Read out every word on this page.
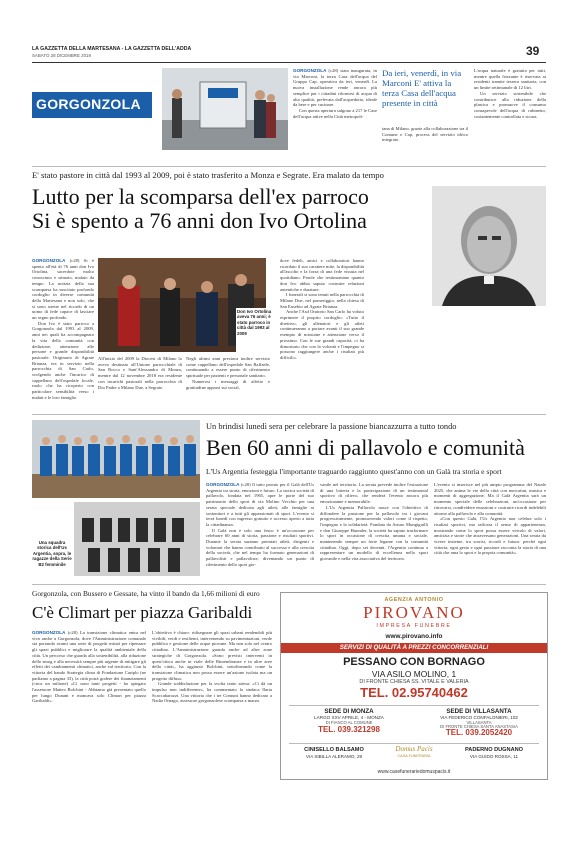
LA GAZZETTA DELLA MARTESANA - LA GAZZETTA DELL'ADDA
SABATO 28 DICEMBRE 2019	39
GORGONZOLA
GORGONZOLA (c28) stata inaugurata, in via Marconi, la terza Casa dell'acqua del Gruppo Cap, operativa da ieri, venerdì. La nuova installazione rende ancora più semplice per i cittadini rifornirsi di acqua di alta qualità, prelevata dall'acquedotto, ideale da bere e per cucinare.
Con questa apertura salgono a 217 le Case dell'acqua attive nella Città metropoli-
Da ieri, venerdì, in via Marconi E' attiva la terza Casa dell'acqua presente in città
tana di Milano, grazie alla collaborazione tra il Comune e Cap, process del servizio idrico integrato.
L'acqua naturale è gratuita per tutti, mentre quella frizzante è riservata ai residenti tramite tessera sanitaria, con un limite settimanale di 12 litri.
Un servizio sostenibile che contribuisce alla riduzione della plastica e promuove il consumo consapevole dell'acqua di rubinetto, costantemente controllata e sicura.
E' stato pastore in città dal 1993 al 2009, poi è stato trasferito a Monza e Segrate. Era malato da tempo
Lutto per la scomparsa dell'ex parroco
Si è spento a 76 anni don Ivo Ortolina
GORGONZOLA (c28) Si è spento all'età di 76 anni don Ivo Ortolina, sacerdote molto conosciuto e stimato, malato da tempo. La notizia della sua scomparsa ha suscitato profondo cordoglio in diverse comunità della Martesana e non solo, che si sono strette nel ricordo di un uomo di fede capace di lasciare un segno profondo.
Don Ivo è stato parroco a Gorgonzola dal 1993 al 2009, anni nei quali ha accompagnato la vita della comunità con dedizione, attenzione alle persone e grande disponibilità pastorale. Originario di Agrate Brianza, era in servizio nella parrocchia di San Carlo, svolgendo anche l'incarico di cappellano dell'ospedale locale, ruolo che ha ricoperto con particolare sensibilità verso i malati e le loro famiglie.
Don Ivo Ortolina aveva 76 anni; è stato parroco in città dal 1993 al 2009
All'inizio del 2009 la Diocesi di Milano lo aveva destinato all'Unione parrocchiale di San Rocco e Sant'Alessandro di Monza, mentre dal 12 novembre 2018 era residente con incarichi pastorali nella parrocchia di Dio Padre a Milano Due, a Segrate.
Negli ultimi anni prestava inoltre servizio come cappellano dell'ospedale San Raffaele, continuando a essere punto di riferimento spirituale per pazienti e personale sanitario.
Numerosi i messaggi di affetto e gratitudine apparsi sui social,
dove fedeli, amici e collaboratori hanno ricordato il suo carattere mite, la disponibilità all'ascolto e la forza di una fede vissuta nel quotidiano. Parole che testimoniano quanto don Ivo abbia saputo costruire relazioni autentiche e durature.
I funerali si sono tenuti nella parrocchia di Milano Due, nel pomeriggio, nella chiesa di San Eusebio ad Agrate Brianza.
Anche l'Asd Oratorio San Carlo ha voluto esprimere il proprio cordoglio: «Tutto il direttivo, gli allenatori e gli atleti continueranno a portare avanti il suo grande esempio di missione e attenzione verso il prossimo. Con le sue grandi capacità, ci ha dimostrato che con la volontà e l'impegno si possono raggiungere anche i risultati più difficili».
Una squadra storica dell'Us Argentia, sopra, le ragazze della Serie B2 femminile
Un brindisi lunedì sera per celebrare la passione biancazzurra a tutto tondo
Ben 60 anni di pallavolo e comunità
L'Us Argentia festeggia l'importante traguardo raggiunto quest'anno con un Galà tra storia e sport
GORGONZOLA (c28) Il tutto pronto per il Galà dell'Us Argentia tra storia, emozioni e futuro. La storica società di pallavolo, fondata nel 1965, apre le porte del suo patrimonio dello sport di via Molino Vecchio per una serata speciale dedicata agli atleti, alle famiglie ai sostenitori e a tutti gli appassionati di sport. L'evento si terrà lunedì con ingresso gratuito e accesso aperto a tutta la cittadinanza.
Il Galà non è solo una festa: è un'occasione per celebrare 60 anni di storia, passione e risultati sportivi. Durante la serata saranno premiati atleti, dirigenti e volontari che hanno contribuito al successo e alla crescita della società, che nel tempo ha formato generazioni di pallavolisti e pallavoliste, diventando un punto di riferimento dello sport gio-
vanile nel territorio. La serata prevede inoltre l'estrazione di una lotteria e la partecipazione di un testimonial sportivo di rilievo, che renderà l'evento ancora più emozionante e memorabile.
L'Us Argentia Pallavolo nasce con l'obiettivo di diffondere la passione per la pallavolo tra i giovani progressivamente, promuovendo valori come il rispetto, l'impegno e la solidarietà. Fondata da Arturo Mungiguilli e don Giuseppe Huonder, la società ha saputo trasformare lo sport in occasione di crescita umana e sociale, mantenendo sempre un forte legame con la comunità cittadina. Oggi, dopo sei decenni, l'Argentia continua a rappresentare un modello di eccellenza nello sport giovanile e nella vita associativa del territorio.
L'evento si inserisce nel più ampio programma del Natale 2025, che anima le vie della città con mercatini, musica e momenti di aggregazione. Ma il Galà Argentia sarà un momento speciale delle celebrazioni, un'occasione per ritrovarsi, condividere emozioni e costruire ricordi indelebili attorno alla pallavolo e alla comunità.
«Con questo Galà, l'Us Argentia non celebra solo i risultati sportivi, ma rafforza il senso di appartenenza, mostrando come lo sport possa essere veicolo di valori, amicizia e storie che attraversano generazioni. Una serata da vivere insieme, tra sorrisi, ricordi e futuro: perché ogni vittoria, ogni gesto e ogni passione racconta la storia di una città che ama lo sport e la propria comunità».
Gorgonzola, con Bussero e Gessate, ha vinto il bando da 1,66 milioni di euro
C'è Climart per piazza Garibaldi
GORGONZOLA (c28) La transizione climatica entra nel vivo anche a Gorgonzola, dove l'Amministrazione comunale sta portando avanti una serie di progetti mirati per ripensare gli spazi pubblici e migliorare la qualità ambientale della città. Un percorso che guarda alla sostenibilità, alla riduzione dello smog e alla necessità sempre più urgente di mitigare gli effetti dei cambiamenti climatici, anche sul territorio. Con la vittoria del bando Strategia clima di Fondazione Cariplo (ne parliamo a pagina 33), la città potrà godere dei finanziamenti (circa un milione) «Ci sono tanti progetti - ha spiegato l'assessore Matteo Bolchini - Abbiamo già presentato quello per lungo Dunant e mancava solo Climart per piazza Garibaldi».
L'obiettivo è chiaro: ridisegnare gli spazi urbani rendendoli più vivibili, verdi e resilienti, intervenendo su pavimentazioni, verde pubblico e gestione delle acque piovane. Ma non solo nel centro cittadino. L'Amministrazione guarda anche ad altre zone strategiche di Gorgonzola. «Sono previsti interventi in quest'ottica anche in viale delle Rimembranze e in altre aree della città», ha aggiunto Bolchini, sottolineando come la transizione climatica non possa essere un'azione isolata ma un progetto diffuso.
Grande soddisfazione per la svolta tanto attesa: «Ci dà un impulso non indifferente», ha commentato la sindaca Ilaria Scaccabarozzi. Una vittoria che i tre Comuni hanno dedicato a Nadia Ornago, assessore gorgonzolese scomparsa a marzo.
AGENZIA ANTONIO
PIROVANO
IMPRESA FUNEBRE
www.pirovano.info
SERVIZI DI QUALITÀ A PREZZI CONCORRENZIALI
PESSANO CON BORNAGO
VIA ASILO MOLINO, 1
DI FRONTE CHIESA SS. VITALE E VALERIA
TEL. 02.95740462
SEDE DI MONZA
LARGO XXV APRILE, 4 - MONZA
DI FIANCO AL COMUNE
TEL. 039.321298
SEDE DI VILLASANTA
VIA FEDERICO CONFALONIERI, 102
VILLASANTA
DI FRONTE CHIESA SANTA ANASTASIA
TEL. 039.2052420
CINISELLO BALSAMO
VIA SIBILLA ALERAMO, 29
Domus Pacis
CASA FUNERARIA
PADERNO DUGNANO
VIA GUIDO ROSSA, 11
www.casefunerariedomuspacis.it
